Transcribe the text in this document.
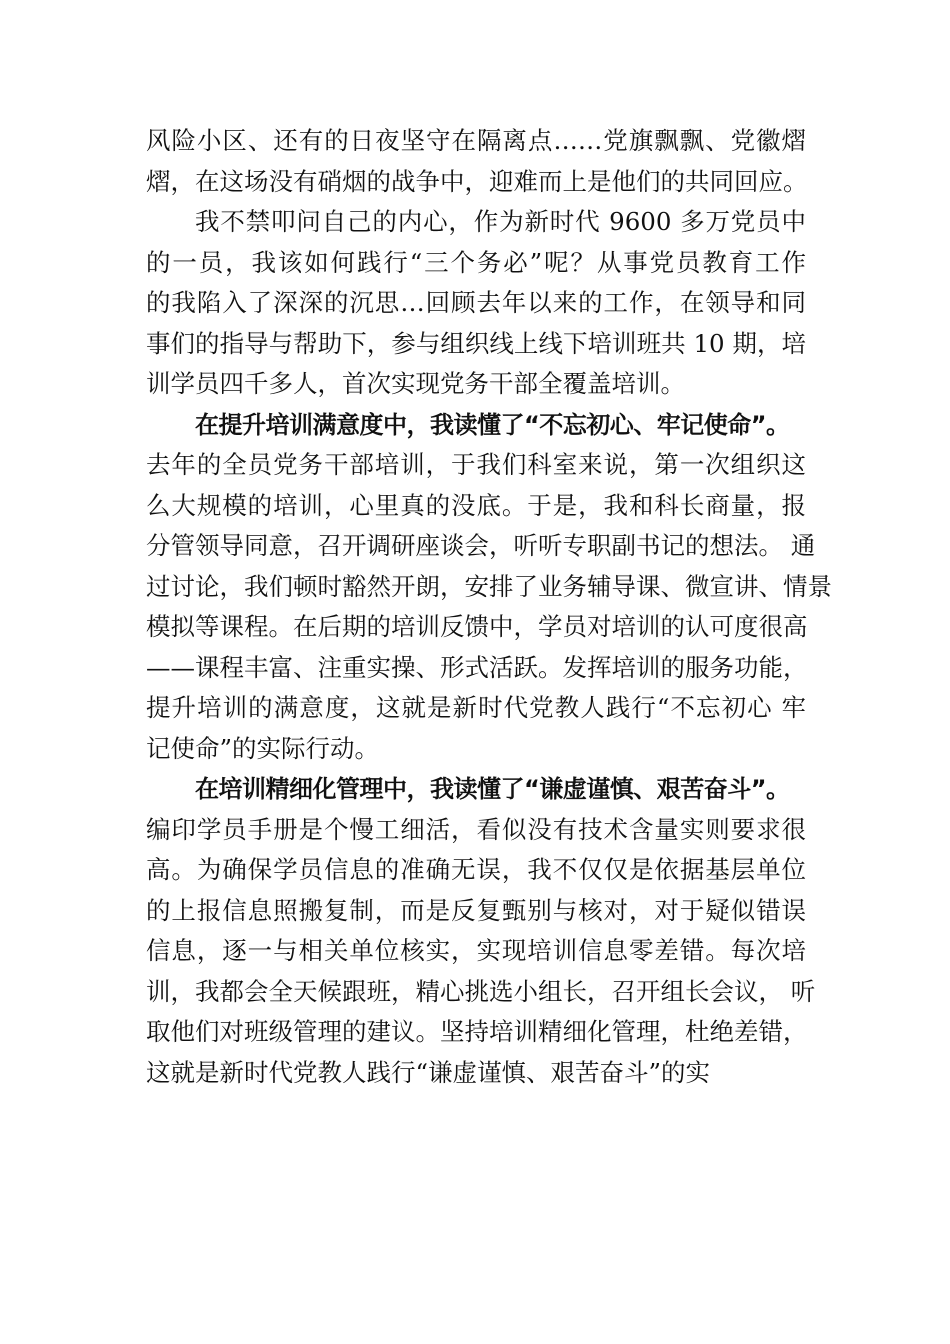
风险小区、还有的日夜坚守在隔离点……党旗飘飘、党徽熠
熠，在这场没有硝烟的战争中，迎难而上是他们的共同回应。
我不禁叩问自己的内心，作为新时代 9600 多万党员中
的一员，我该如何践行“三个务必”呢？从事党员教育工作
的我陷入了深深的沉思…回顾去年以来的工作，在领导和同
事们的指导与帮助下，参与组织线上线下培训班共 10 期，培
训学员四千多人，首次实现党务干部全覆盖培训。
在提升培训满意度中，我读懂了“不忘初心、牢记使命”。
去年的全员党务干部培训，于我们科室来说，第一次组织这
么大规模的培训，心里真的没底。于是，我和科长商量，报
分管领导同意，召开调研座谈会，听听专职副书记的想法。 通
过讨论，我们顿时豁然开朗，安排了业务辅导课、微宣讲、情景
模拟等课程。在后期的培训反馈中，学员对培训的认可度很高
——课程丰富、注重实操、形式活跃。发挥培训的服务功能，
提升培训的满意度，这就是新时代党教人践行“不忘初心 牢
记使命”的实际行动。
在培训精细化管理中，我读懂了“谦虚谨慎、艰苦奋斗”。
编印学员手册是个慢工细活，看似没有技术含量实则要求很
高。为确保学员信息的准确无误，我不仅仅是依据基层单位
的上报信息照搬复制，而是反复甄别与核对，对于疑似错误
信息，逐一与相关单位核实，实现培训信息零差错。每次培
训，我都会全天候跟班，精心挑选小组长，召开组长会议， 听
取他们对班级管理的建议。坚持培训精细化管理，杜绝差错，
这就是新时代党教人践行“谦虚谨慎、艰苦奋斗”的实
